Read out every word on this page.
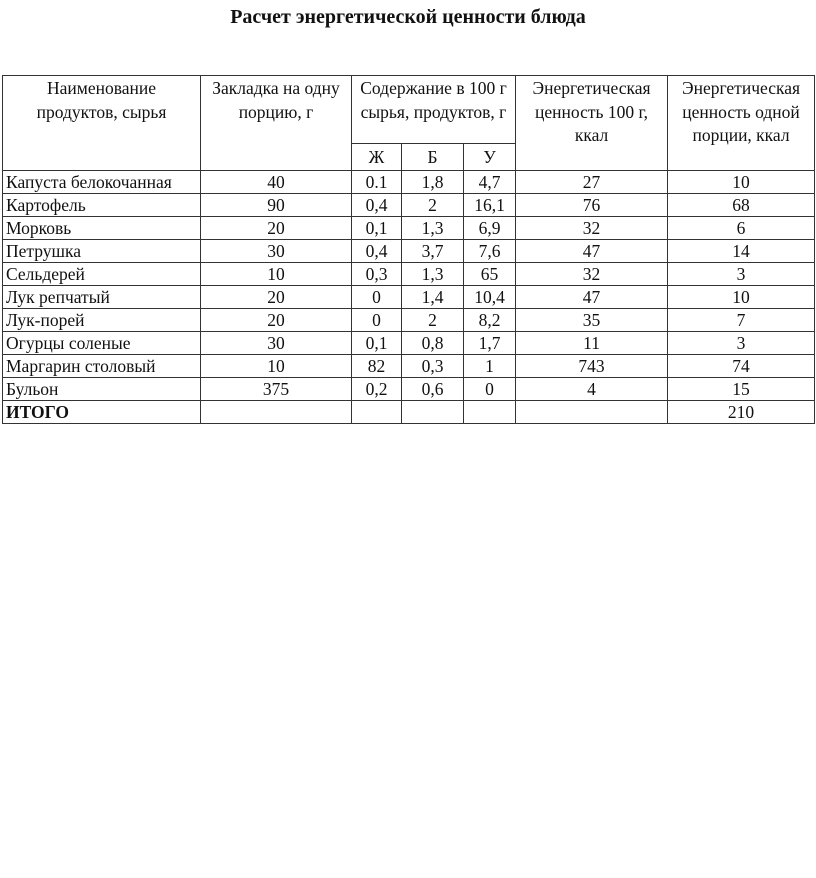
Расчет энергетической ценности блюда
Наименование продуктов, сырья	Закладка на одну порцию, г	Содержание в 100 г сырья, продуктов, г			Энергетическая ценность 100 г, ккал	Энергетическая ценность одной порции, ккал
		Ж	Б	У		
Капуста белокочанная	40	0.1	1,8	4,7	27	10
Картофель	90	0,4	2	16,1	76	68
Морковь	20	0,1	1,3	6,9	32	6
Петрушка	30	0,4	3,7	7,6	47	14
Сельдерей	10	0,3	1,3	65	32	3
Лук репчатый	20	0	1,4	10,4	47	10
Лук-порей	20	0	2	8,2	35	7
Огурцы соленые	30	0,1	0,8	1,7	11	3
Маргарин столовый	10	82	0,3	1	743	74
Бульон	375	0,2	0,6	0	4	15
ИТОГО						210
